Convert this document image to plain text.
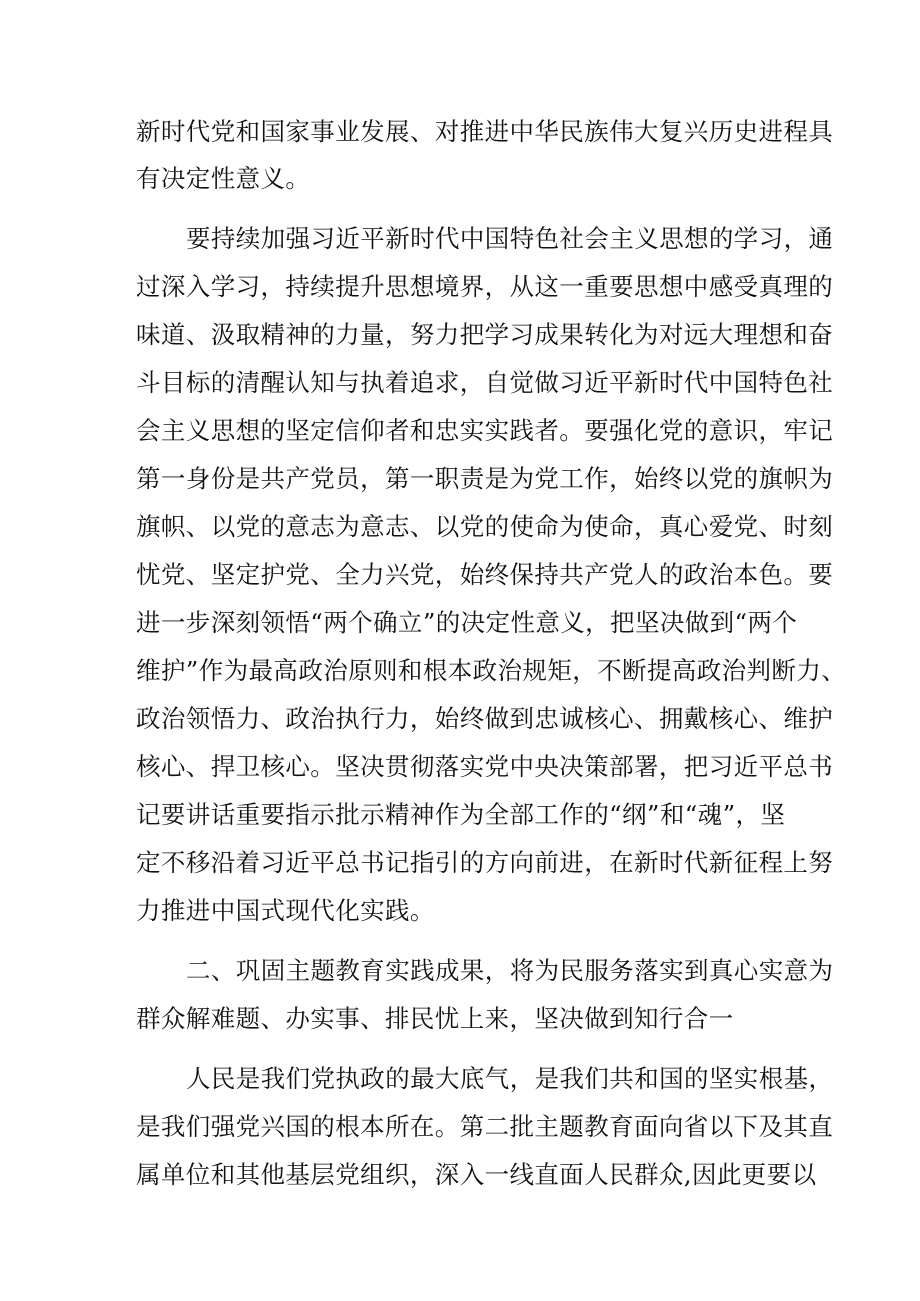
新时代党和国家事业发展、对推进中华民族伟大复兴历史进程具
有决定性意义。
要持续加强习近平新时代中国特色社会主义思想的学习，通
过深入学习，持续提升思想境界，从这一重要思想中感受真理的
味道、汲取精神的力量，努力把学习成果转化为对远大理想和奋
斗目标的清醒认知与执着追求，自觉做习近平新时代中国特色社
会主义思想的坚定信仰者和忠实实践者。要强化党的意识，牢记
第一身份是共产党员，第一职责是为党工作，始终以党的旗帜为
旗帜、以党的意志为意志、以党的使命为使命，真心爱党、时刻
忧党、坚定护党、全力兴党，始终保持共产党人的政治本色。要
进一步深刻领悟“两个确立”的决定性意义，把坚决做到“两个
维护”作为最高政治原则和根本政治规矩，不断提高政治判断力、
政治领悟力、政治执行力，始终做到忠诚核心、拥戴核心、维护
核心、捍卫核心。坚决贯彻落实党中央决策部署，把习近平总书
记要讲话重要指示批示精神作为全部工作的“纲”和“魂”，坚
定不移沿着习近平总书记指引的方向前进，在新时代新征程上努
力推进中国式现代化实践。
二、巩固主题教育实践成果，将为民服务落实到真心实意为
群众解难题、办实事、排民忧上来，坚决做到知行合一
人民是我们党执政的最大底气，是我们共和国的坚实根基，
是我们强党兴国的根本所在。第二批主题教育面向省以下及其直
属单位和其他基层党组织，深入一线直面人民群众,因此更要以
